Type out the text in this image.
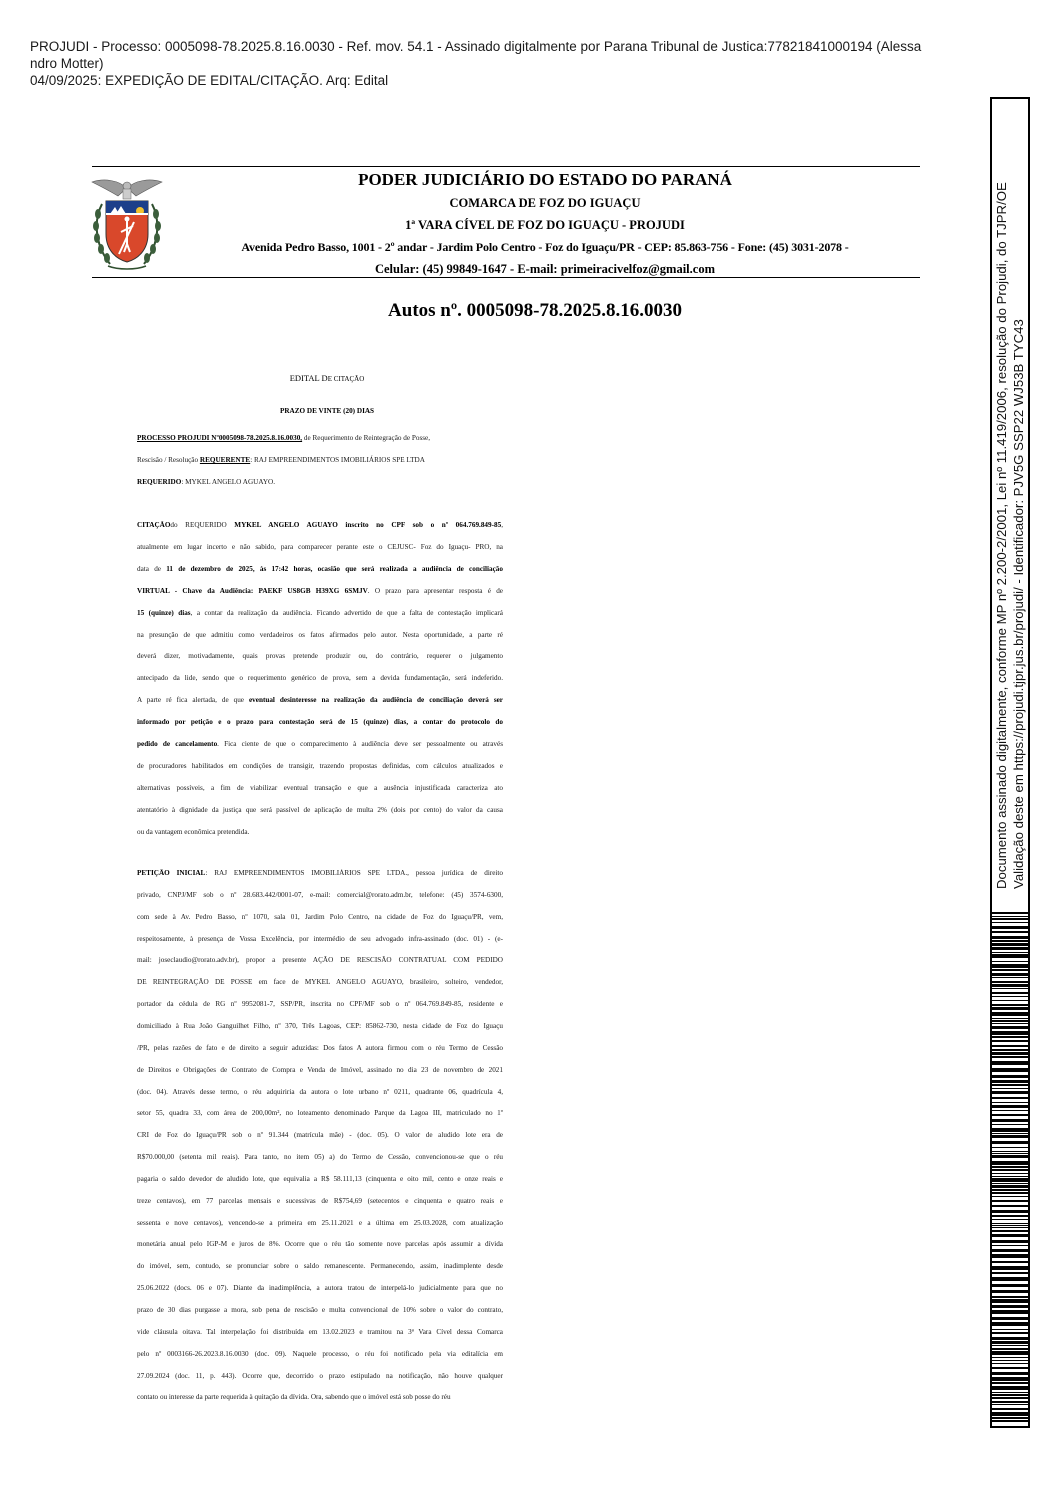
PROJUDI - Processo: 0005098-78.2025.8.16.0030 - Ref. mov. 54.1 - Assinado digitalmente por Parana Tribunal de Justica:77821841000194 (Alessa
ndro Motter)
04/09/2025: EXPEDIÇÃO DE EDITAL/CITAÇÃO. Arq: Edital
PODER JUDICIÁRIO DO ESTADO DO PARANÁ
COMARCA DE FOZ DO IGUAÇU
1ª VARA CÍVEL DE FOZ DO IGUAÇU - PROJUDI
Avenida Pedro Basso, 1001 - 2º andar - Jardim Polo Centro - Foz do Iguaçu/PR - CEP: 85.863-756 - Fone: (45) 3031-2078 -
Celular: (45) 99849-1647 - E-mail: primeiracivelfoz@gmail.com
Autos nº. 0005098-78.2025.8.16.0030
EDITAL DE CITAÇÃO
PRAZO DE VINTE (20) DIAS
PROCESSO PROJUDI Nº0005098-78.2025.8.16.0030, de Requerimento de Reintegração de Posse,
Rescisão / Resolução REQUERENTE: RAJ EMPREENDIMENTOS IMOBILIÁRIOS SPE LTDA
REQUERIDO: MYKEL ANGELO AGUAYO.
CITAÇÃOdo REQUERIDO MYKEL ANGELO AGUAYO inscrito no CPF sob o nº 064.769.849-85,
atualmente em lugar incerto e não sabido, para comparecer perante este o CEJUSC- Foz do Iguaçu- PRO, na
data de 11 de dezembro de 2025, às 17:42 horas, ocasião que será realizada a audiência de conciliação
VIRTUAL - Chave da Audiência: PAEKF US8GB H39XG 6SMJV. O prazo para apresentar resposta é de
15 (quinze) dias, a contar da realização da audiência. Ficando advertido de que a falta de contestação implicará
na presunção de que admitiu como verdadeiros os fatos afirmados pelo autor. Nesta oportunidade, a parte ré
deverá dizer, motivadamente, quais provas pretende produzir ou, do contrário, requerer o julgamento
antecipado da lide, sendo que o requerimento genérico de prova, sem a devida fundamentação, será indeferido.
A parte ré fica alertada, de que eventual desinteresse na realização da audiência de conciliação deverá ser
informado por petição e o prazo para contestação será de 15 (quinze) dias, a contar do protocolo do
pedido de cancelamento. Fica ciente de que o comparecimento à audiência deve ser pessoalmente ou através
de procuradores habilitados em condições de transigir, trazendo propostas definidas, com cálculos atualizados e
alternativas possíveis, a fim de viabilizar eventual transação e que a ausência injustificada caracteriza ato
atentatório à dignidade da justiça que será passível de aplicação de multa 2% (dois por cento) do valor da causa
ou da vantagem econômica pretendida.
PETIÇÃO INICIAL: RAJ EMPREENDIMENTOS IMOBILIÁRIOS SPE LTDA., pessoa jurídica de direito
privado, CNPJ/MF sob o nº 28.683.442/0001-07, e-mail: comercial@rorato.adm.br, telefone: (45) 3574-6300,
com sede à Av. Pedro Basso, nº 1070, sala 01, Jardim Polo Centro, na cidade de Foz do Iguaçu/PR, vem,
respeitosamente, à presença de Vossa Excelência, por intermédio de seu advogado infra-assinado (doc. 01) - (e-
mail: joseclaudio@rorato.adv.br), propor a presente AÇÃO DE RESCISÃO CONTRATUAL COM PEDIDO
DE REINTEGRAÇÃO DE POSSE em face de MYKEL ANGELO AGUAYO, brasileiro, solteiro, vendedor,
portador da cédula de RG nº 9952081-7, SSP/PR, inscrita no CPF/MF sob o nº 064.769.849-85, residente e
domiciliado à Rua João Ganguilhet Filho, nº 370, Três Lagoas, CEP: 85862-730, nesta cidade de Foz do Iguaçu
/PR, pelas razões de fato e de direito a seguir aduzidas: Dos fatos A autora firmou com o réu Termo de Cessão
de Direitos e Obrigações de Contrato de Compra e Venda de Imóvel, assinado no dia 23 de novembro de 2021
(doc. 04). Através desse termo, o réu adquiriria da autora o lote urbano nº 0211, quadrante 06, quadrícula 4,
setor 55, quadra 33, com área de 200,00m², no loteamento denominado Parque da Lagoa III, matriculado no 1º
CRI de Foz do Iguaçu/PR sob o nº 91.344 (matrícula mãe) - (doc. 05). O valor de aludido lote era de
R$70.000,00 (setenta mil reais). Para tanto, no item 05) a) do Termo de Cessão, convencionou-se que o réu
pagaria o saldo devedor de aludido lote, que equivalia a R$ 58.111,13 (cinquenta e oito mil, cento e onze reais e
treze centavos), em 77 parcelas mensais e sucessivas de R$754,69 (setecentos e cinquenta e quatro reais e
sessenta e nove centavos), vencendo-se a primeira em 25.11.2021 e a última em 25.03.2028, com atualização
monetária anual pelo IGP-M e juros de 8%. Ocorre que o réu tão somente nove parcelas após assumir a dívida
do imóvel, sem, contudo, se pronunciar sobre o saldo remanescente. Permanecendo, assim, inadimplente desde
25.06.2022 (docs. 06 e 07). Diante da inadimplência, a autora tratou de interpelá-lo judicialmente para que no
prazo de 30 dias purgasse a mora, sob pena de rescisão e multa convencional de 10% sobre o valor do contrato,
vide cláusula oitava. Tal interpelação foi distribuída em 13.02.2023 e tramitou na 3ª Vara Cível dessa Comarca
pelo nº 0003166-26.2023.8.16.0030 (doc. 09). Naquele processo, o réu foi notificado pela via editalícia em
27.09.2024 (doc. 11, p. 443). Ocorre que, decorrido o prazo estipulado na notificação, não houve qualquer
contato ou interesse da parte requerida à quitação da dívida. Ora, sabendo que o imóvel está sob posse do réu
Documento assinado digitalmente, conforme MP nº 2.200-2/2001, Lei nº 11.419/2006, resolução do Projudi, do TJPR/OE Validação deste em https://projudi.tjpr.jus.br/projudi/ - Identificador: PJV5G SSP22 WJ53B TYC43
